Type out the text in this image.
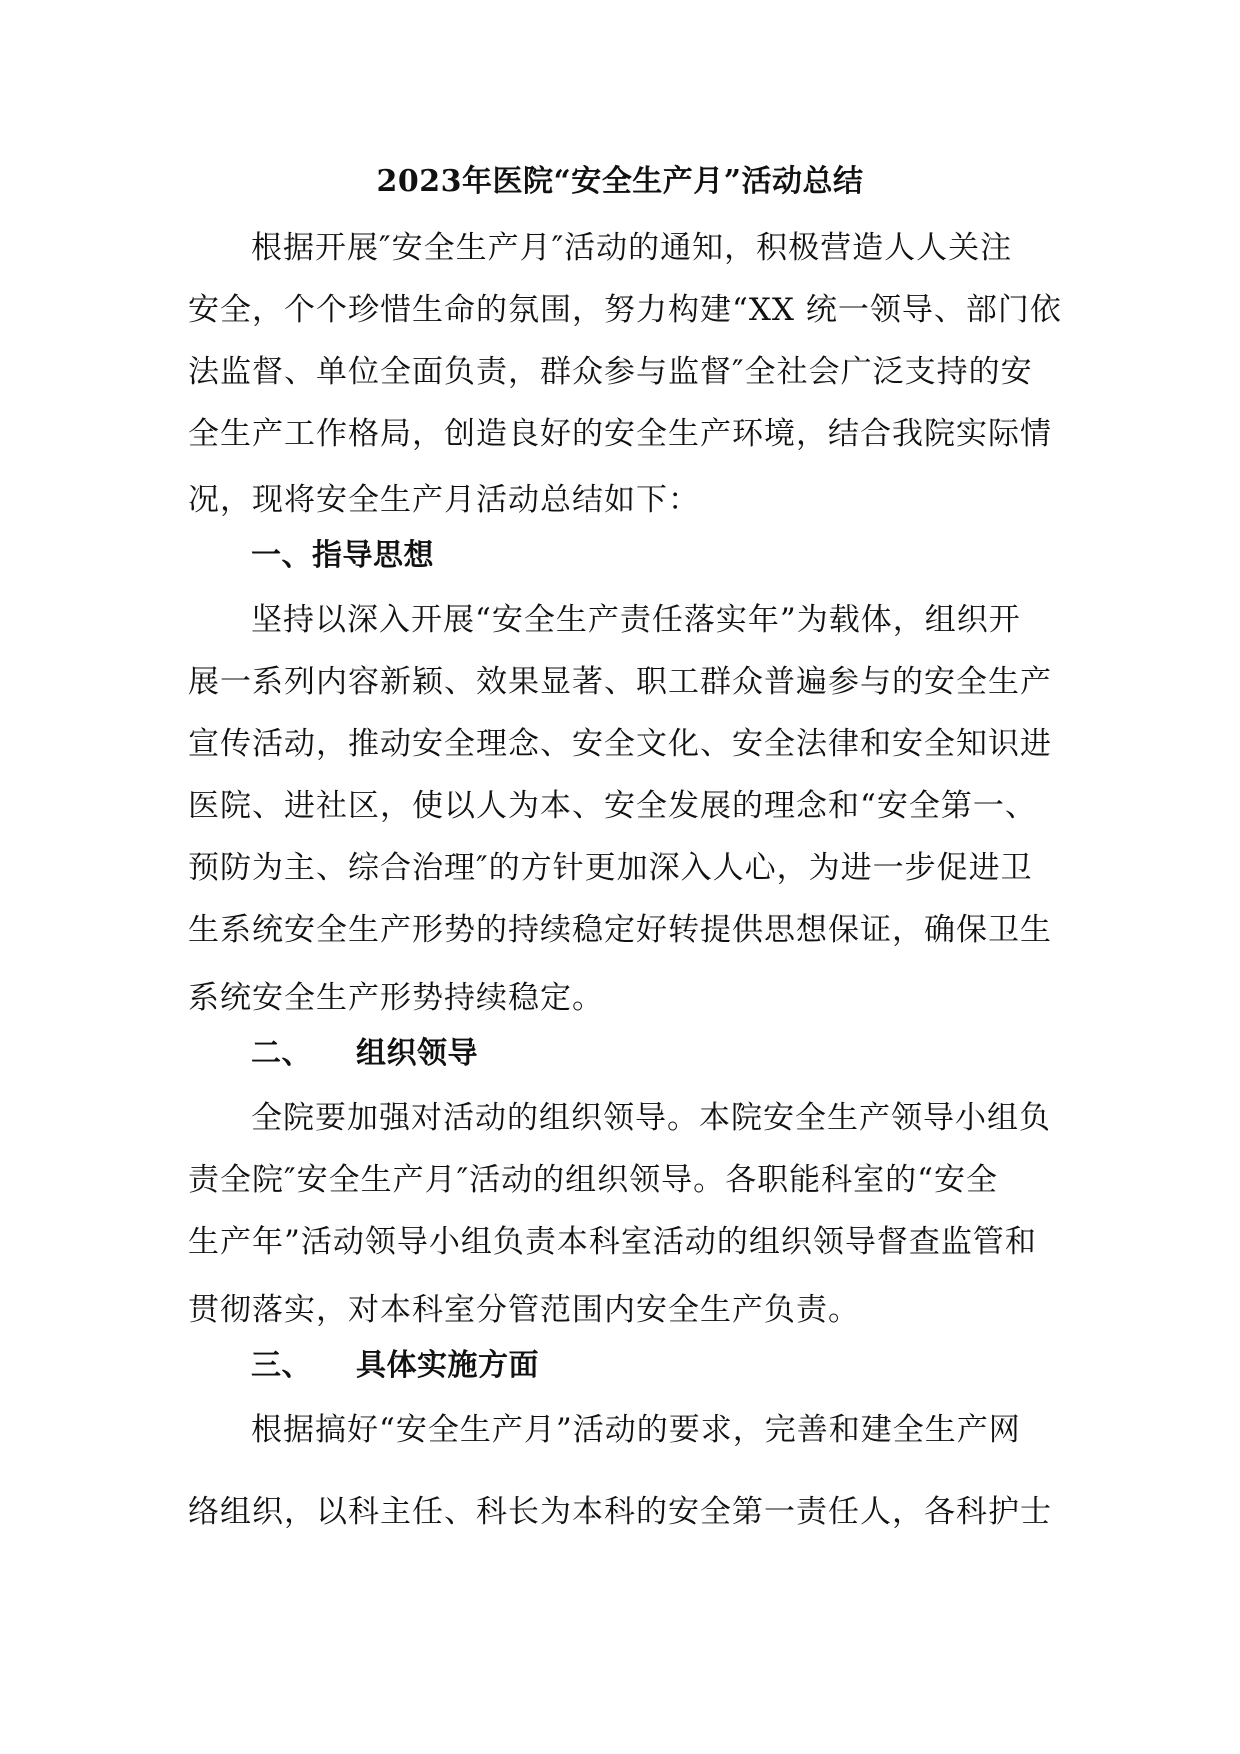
2023年医院“安全生产月”活动总结
根据开展″安全生产月″活动的通知，积极营造人人关注
安全，个个珍惜生命的氛围，努力构建“XX 统一领导、部门依
法监督、单位全面负责，群众参与监督″全社会广泛支持的安
全生产工作格局，创造良好的安全生产环境，结合我院实际情
况，现将安全生产月活动总结如下：
一、指导思想
坚持以深入开展“安全生产责任落实年”为载体，组织开
展一系列内容新颖、效果显著、职工群众普遍参与的安全生产
宣传活动，推动安全理念、安全文化、安全法律和安全知识进
医院、进社区，使以人为本、安全发展的理念和“安全第一、
预防为主、综合治理″的方针更加深入人心，为进一步促进卫
生系统安全生产形势的持续稳定好转提供思想保证，确保卫生
系统安全生产形势持续稳定。
二、 组织领导
全院要加强对活动的组织领导。本院安全生产领导小组负
责全院″安全生产月″活动的组织领导。各职能科室的“安全
生产年”活动领导小组负责本科室活动的组织领导督查监管和
贯彻落实，对本科室分管范围内安全生产负责。
三、 具体实施方面
根据搞好“安全生产月”活动的要求，完善和建全生产网
络组织，以科主任、科长为本科的安全第一责任人，各科护士
